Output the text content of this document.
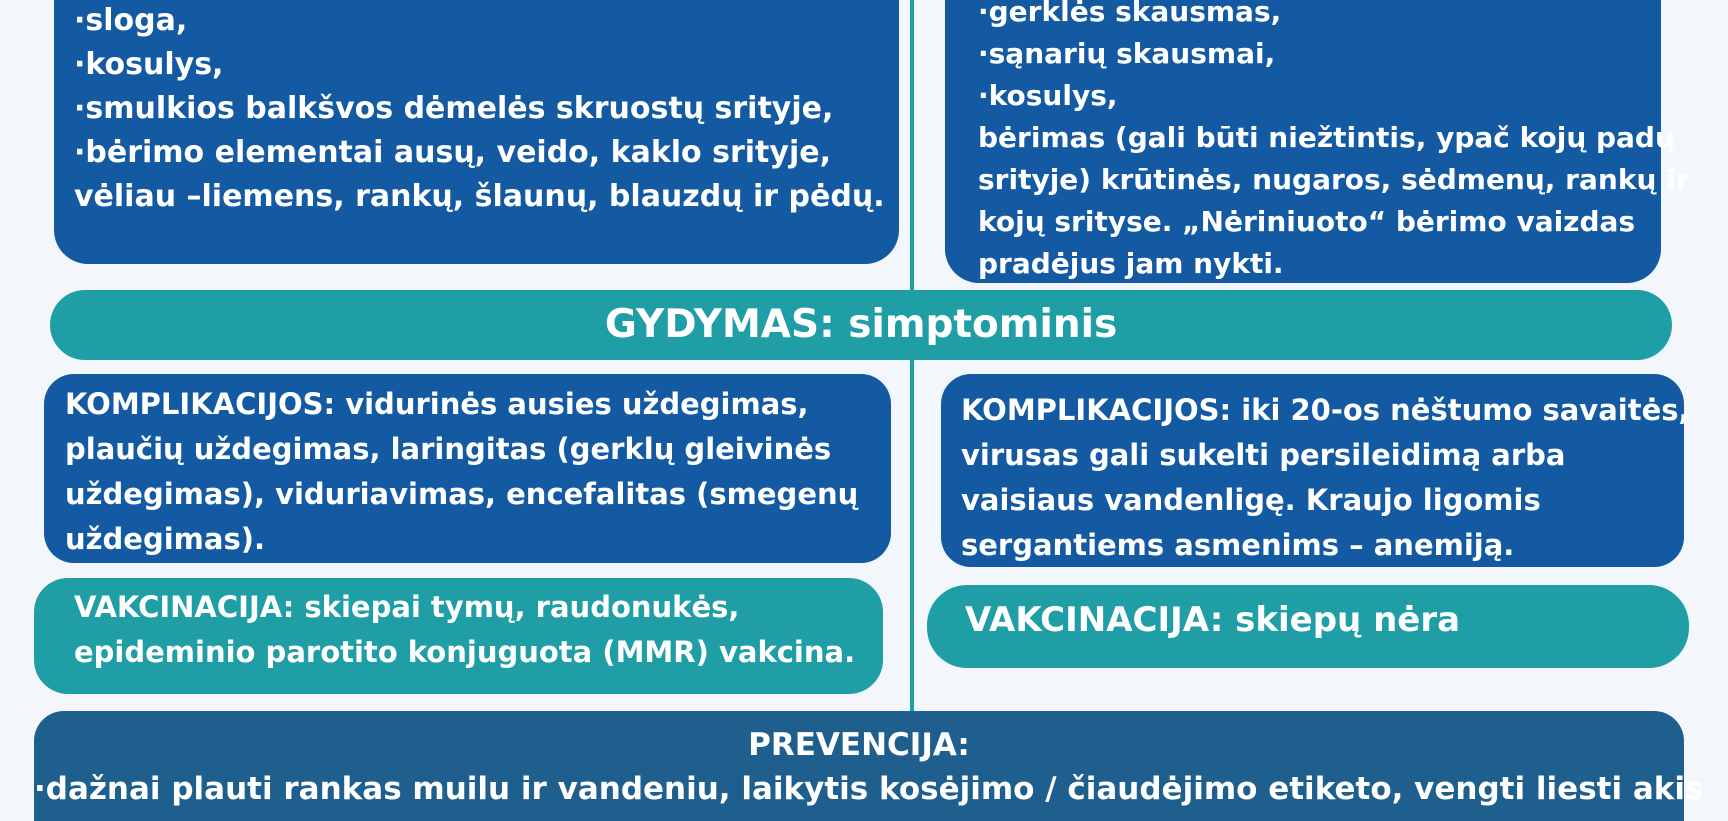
·sloga,
·kosulys,
·smulkios balkšvos dėmelės skruostų srityje,
·bėrimo elementai ausų, veido, kaklo srityje,
vėliau –liemens, rankų, šlaunų, blauzdų ir pėdų.
·gerklės skausmas,
·sąnarių skausmai,
·kosulys,
bėrimas (gali būti niežtintis, ypač kojų padų
srityje) krūtinės, nugaros, sėdmenų, rankų ir
kojų srityse. „Nėriniuoto“ bėrimo vaizdas
pradėjus jam nykti.
GYDYMAS: simptominis
KOMPLIKACIJOS: vidurinės ausies uždegimas,
plaučių uždegimas, laringitas (gerklų gleivinės
uždegimas), viduriavimas, encefalitas (smegenų
uždegimas).
KOMPLIKACIJOS: iki 20-os nėštumo savaitės,
virusas gali sukelti persileidimą arba
vaisiaus vandenligę. Kraujo ligomis
sergantiems asmenims – anemiją.
VAKCINACIJA: skiepai tymų, raudonukės,
epideminio parotito konjuguota (MMR) vakcina.
VAKCINACIJA: skiepų nėra
PREVENCIJA:
·dažnai plauti rankas muilu ir vandeniu, laikytis kosėjimo / čiaudėjimo etiketo, vengti liesti akis
